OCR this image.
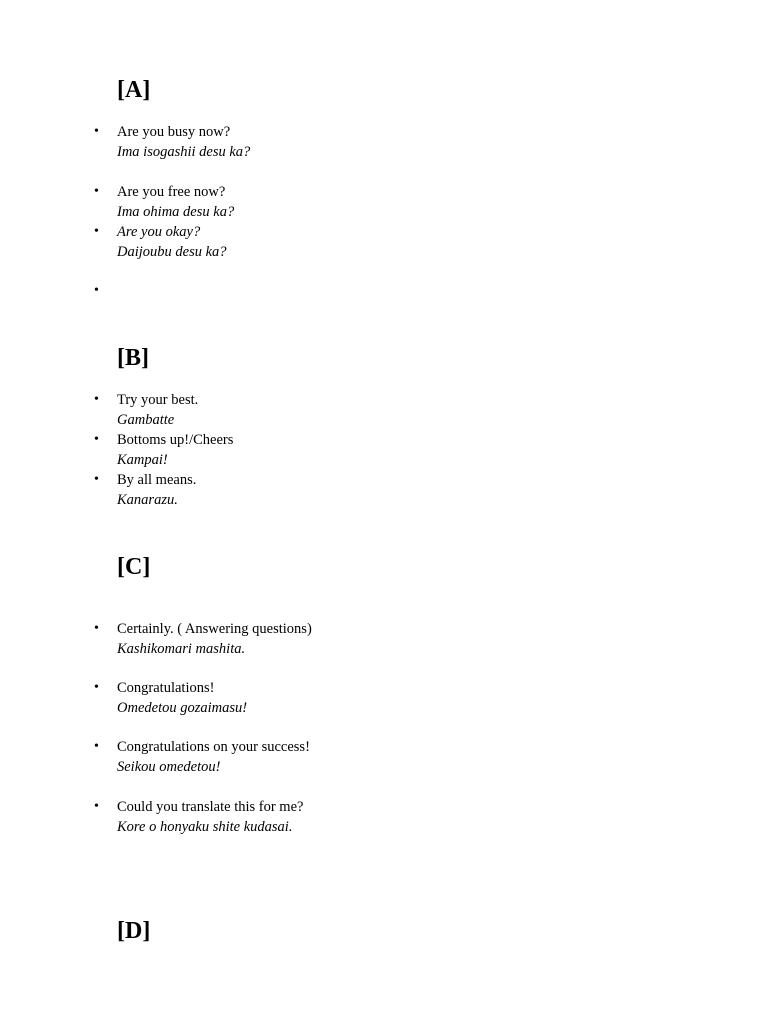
[A]
• Are you busy now?
Ima isogashii desu ka?
• Are you free now?
Ima ohima desu ka?
• Are you okay?
Daijoubu desu ka?
•
[B]
• Try your best.
Gambatte
• Bottoms up!/Cheers
Kampai!
• By all means.
Kanarazu.
[C]
• Certainly. ( Answering questions)
Kashikomari mashita.
• Congratulations!
Omedetou gozaimasu!
• Congratulations on your success!
Seikou omedetou!
• Could you translate this for me?
Kore o honyaku shite kudasai.
[D]
